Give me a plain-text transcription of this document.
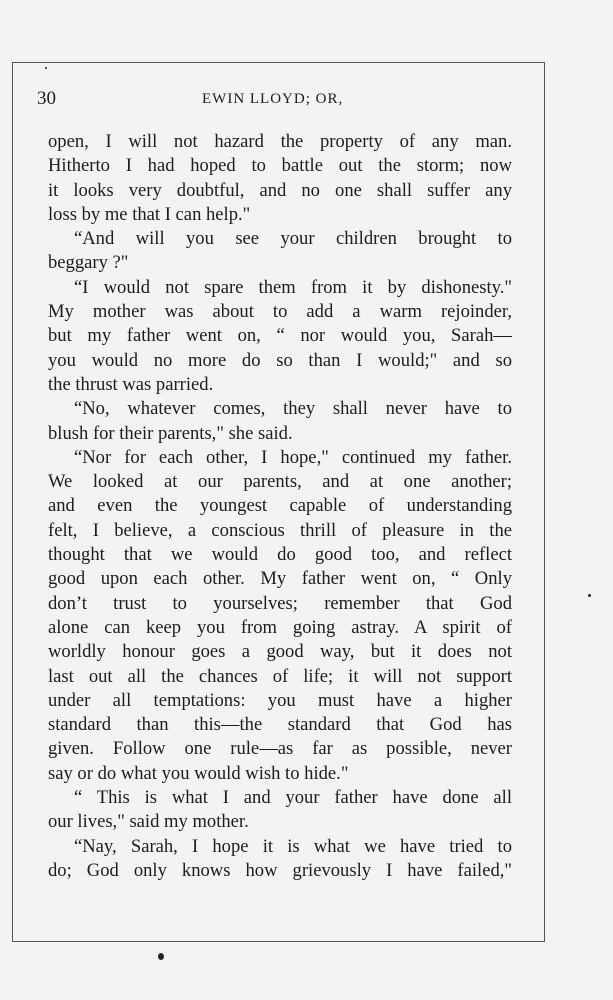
30	EWIN LLOYD; OR,
open, I will not hazard the property of any man.
Hitherto I had hoped to battle out the storm; now
it looks very doubtful, and no one shall suffer any
loss by me that I can help."
“And will you see your children brought to
beggary ?"
“I would not spare them from it by dishonesty."
My mother was about to add a warm rejoinder,
but my father went on, “ nor would you, Sarah—
you would no more do so than I would;" and so
the thrust was parried.
“No, whatever comes, they shall never have to
blush for their parents," she said.
“Nor for each other, I hope," continued my father.
We looked at our parents, and at one another;
and even the youngest capable of understanding
felt, I believe, a conscious thrill of pleasure in the
thought that we would do good too, and reflect
good upon each other. My father went on, “ Only
don’t trust to yourselves; remember that God
alone can keep you from going astray. A spirit of
worldly honour goes a good way, but it does not
last out all the chances of life; it will not support
under all temptations: you must have a higher
standard than this—the standard that God has
given. Follow one rule—as far as possible, never
say or do what you would wish to hide."
“ This is what I and your father have done all
our lives," said my mother.
“Nay, Sarah, I hope it is what we have tried to
do; God only knows how grievously I have failed,"
